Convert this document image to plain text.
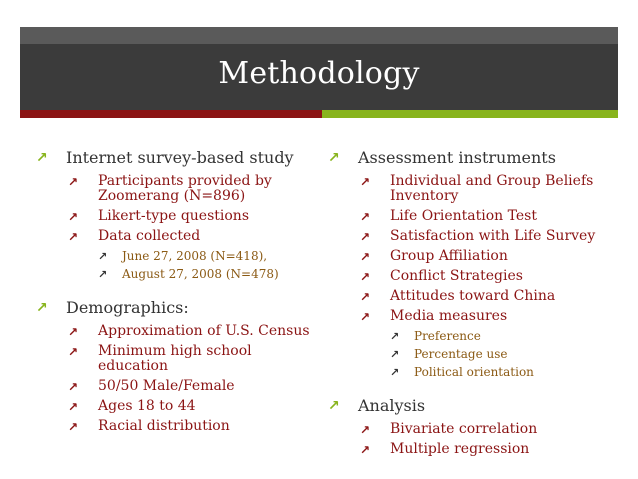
Methodology
↗ Internet survey-based study
↗ Participants provided by Zoomerang (N=896)
↗ Likert-type questions
↗ Data collected
↗ June 27, 2008 (N=418),
↗ August 27, 2008 (N=478)
↗ Demographics:
↗ Approximation of U.S. Census
↗ Minimum high school education
↗ 50/50 Male/Female
↗ Ages 18 to 44
↗ Racial distribution
↗ Assessment instruments
↗ Individual and Group Beliefs Inventory
↗ Life Orientation Test
↗ Satisfaction with Life Survey
↗ Group Affiliation
↗ Conflict Strategies
↗ Attitudes toward China
↗ Media measures
↗ Preference
↗ Percentage use
↗ Political orientation
↗ Analysis
↗ Bivariate correlation
↗ Multiple regression
